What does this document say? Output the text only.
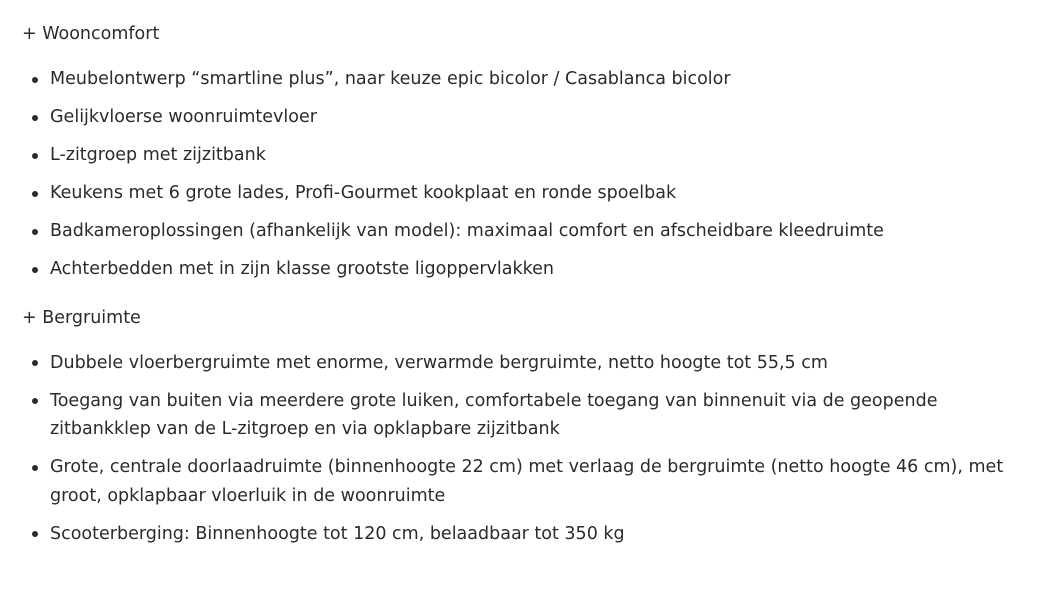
+ Wooncomfort
Meubelontwerp “smartline plus”, naar keuze epic bicolor / Casablanca bicolor
Gelijkvloerse woonruimtevloer
L-zitgroep met zijzitbank
Keukens met 6 grote lades, Profi-Gourmet kookplaat en ronde spoelbak
Badkameroplossingen (afhankelijk van model): maximaal comfort en afscheidbare kleedruimte
Achterbedden met in zijn klasse grootste ligoppervlakken
+ Bergruimte
Dubbele vloerbergruimte met enorme, verwarmde bergruimte, netto hoogte tot 55,5 cm
Toegang van buiten via meerdere grote luiken, comfortabele toegang van binnenuit via de geopende zitbankklep van de L-zitgroep en via opklapbare zijzitbank
Grote, centrale doorlaadruimte (binnenhoogte 22 cm) met verlaag de bergruimte (netto hoogte 46 cm), met groot, opklapbaar vloerluik in de woonruimte
Scooterberging: Binnenhoogte tot 120 cm, belaadbaar tot 350 kg
